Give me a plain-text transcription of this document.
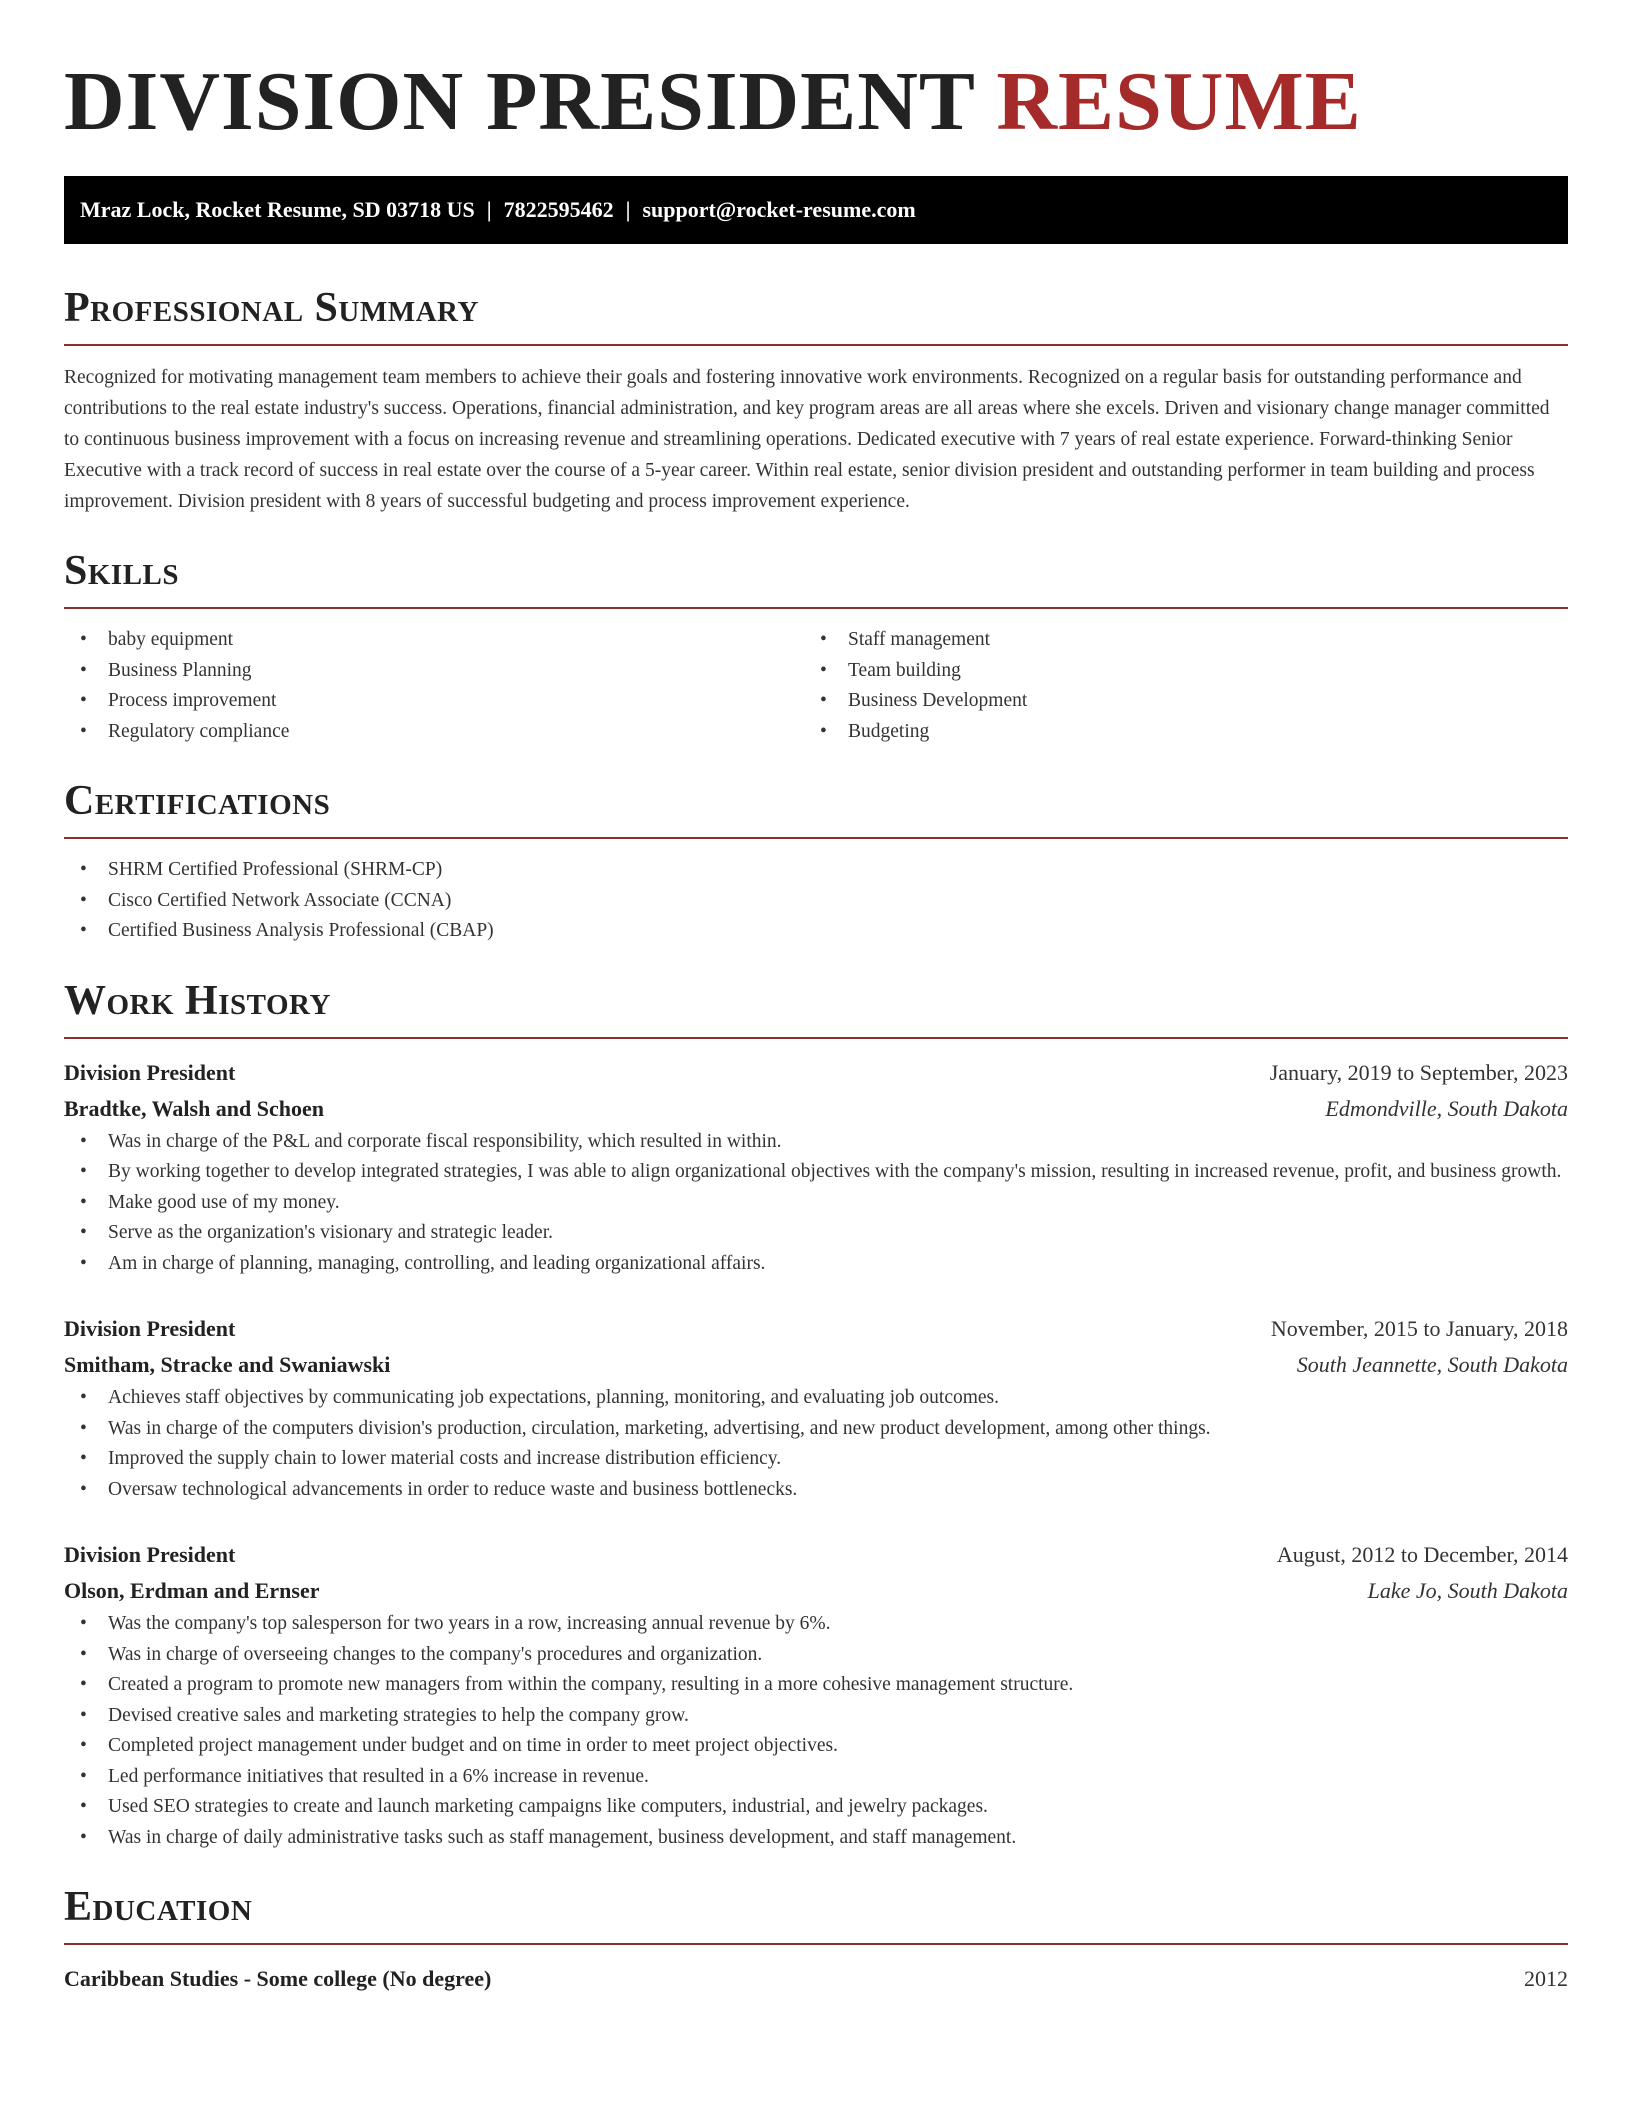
DIVISION PRESIDENT RESUME
Mraz Lock, Rocket Resume, SD 03718 US | 7822595462 | support@rocket-resume.com
Professional Summary

Recognized for motivating management team members to achieve their goals and fostering innovative work environments. Recognized on a regular basis for outstanding performance and contributions to the real estate industry's success. Operations, financial administration, and key program areas are all areas where she excels. Driven and visionary change manager committed to continuous business improvement with a focus on increasing revenue and streamlining operations. Dedicated executive with 7 years of real estate experience. Forward-thinking Senior Executive with a track record of success in real estate over the course of a 5-year career. Within real estate, senior division president and outstanding performer in team building and process improvement. Division president with 8 years of successful budgeting and process improvement experience.

Skills
• baby equipment
• Business Planning
• Process improvement
• Regulatory compliance
• Staff management
• Team building
• Business Development
• Budgeting
Certifications
• SHRM Certified Professional (SHRM-CP)
• Cisco Certified Network Associate (CCNA)
• Certified Business Analysis Professional (CBAP)
Work History
Division President	January, 2019 to September, 2023
Bradtke, Walsh and Schoen	Edmondville, South Dakota
• Was in charge of the P&L and corporate fiscal responsibility, which resulted in within.
• By working together to develop integrated strategies, I was able to align organizational objectives with the company's mission, resulting in increased revenue, profit, and business growth.
• Make good use of my money.
• Serve as the organization's visionary and strategic leader.
• Am in charge of planning, managing, controlling, and leading organizational affairs.
Division President	November, 2015 to January, 2018
Smitham, Stracke and Swaniawski	South Jeannette, South Dakota
• Achieves staff objectives by communicating job expectations, planning, monitoring, and evaluating job outcomes.
• Was in charge of the computers division's production, circulation, marketing, advertising, and new product development, among other things.
• Improved the supply chain to lower material costs and increase distribution efficiency.
• Oversaw technological advancements in order to reduce waste and business bottlenecks.
Division President	August, 2012 to December, 2014
Olson, Erdman and Ernser	Lake Jo, South Dakota
• Was the company's top salesperson for two years in a row, increasing annual revenue by 6%.
• Was in charge of overseeing changes to the company's procedures and organization.
• Created a program to promote new managers from within the company, resulting in a more cohesive management structure.
• Devised creative sales and marketing strategies to help the company grow.
• Completed project management under budget and on time in order to meet project objectives.
• Led performance initiatives that resulted in a 6% increase in revenue.
• Used SEO strategies to create and launch marketing campaigns like computers, industrial, and jewelry packages.
• Was in charge of daily administrative tasks such as staff management, business development, and staff management.
Education
Caribbean Studies - Some college (No degree)	2012
